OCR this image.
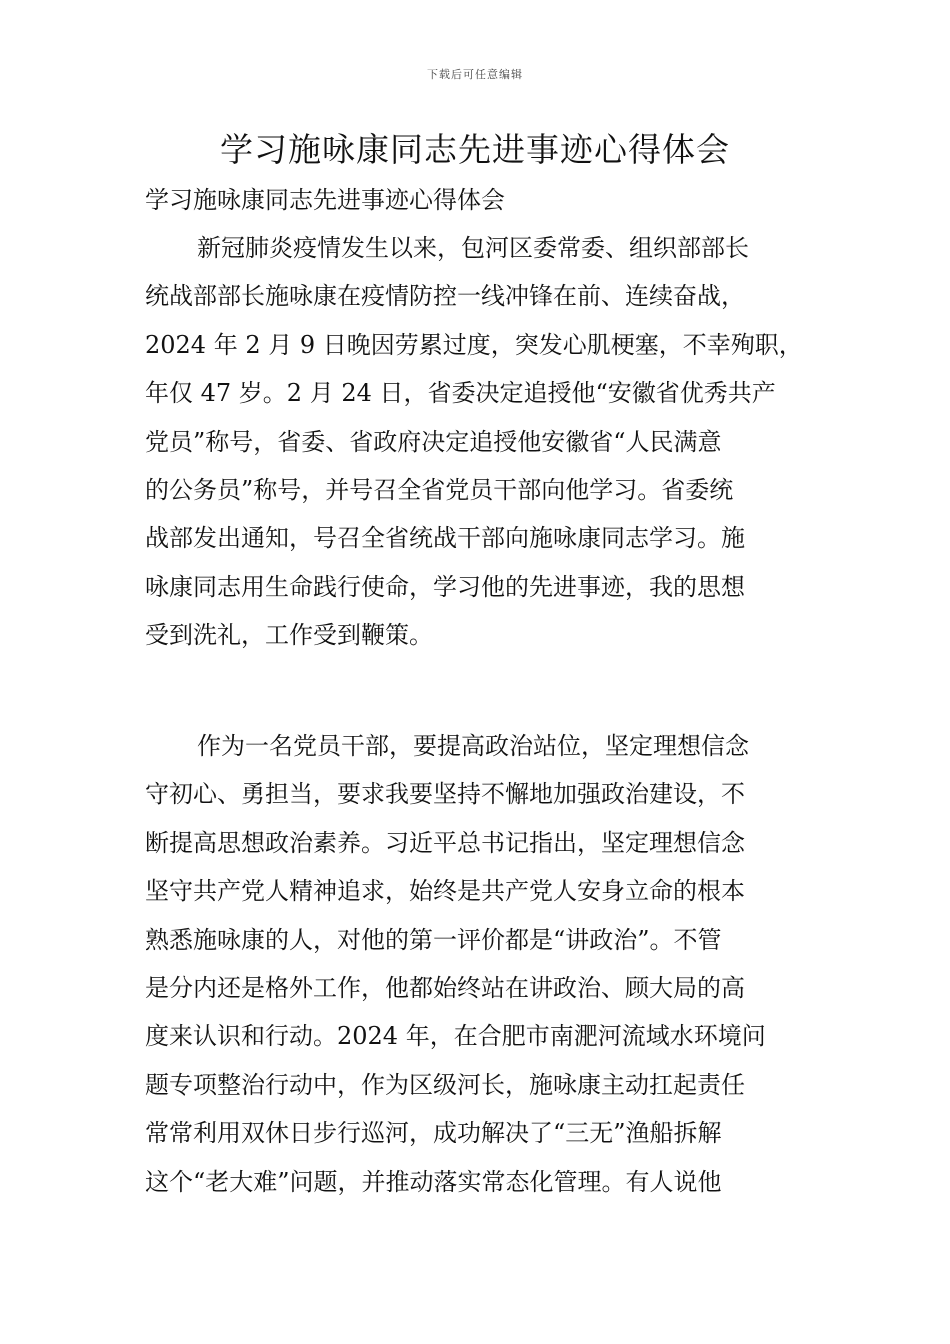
下载后可任意编辑
学习施咏康同志先进事迹心得体会
学习施咏康同志先进事迹心得体会
新冠肺炎疫情发生以来，包河区委常委、组织部部长
统战部部长施咏康在疫情防控一线冲锋在前、连续奋战，
2024 年 2 月 9 日晚因劳累过度，突发心肌梗塞，不幸殉职，
年仅 47 岁。2 月 24 日，省委决定追授他“安徽省优秀共产
党员”称号，省委、省政府决定追授他安徽省“人民满意
的公务员”称号，并号召全省党员干部向他学习。省委统
战部发出通知，号召全省统战干部向施咏康同志学习。施
咏康同志用生命践行使命，学习他的先进事迹，我的思想
受到洗礼，工作受到鞭策。
作为一名党员干部，要提高政治站位，坚定理想信念
守初心、勇担当，要求我要坚持不懈地加强政治建设，不
断提高思想政治素养。习近平总书记指出，坚定理想信念
坚守共产党人精神追求，始终是共产党人安身立命的根本
熟悉施咏康的人，对他的第一评价都是“讲政治”。不管
是分内还是格外工作，他都始终站在讲政治、顾大局的高
度来认识和行动。2024 年，在合肥市南淝河流域水环境问
题专项整治行动中，作为区级河长，施咏康主动扛起责任
常常利用双休日步行巡河，成功解决了“三无”渔船拆解
这个“老大难”问题，并推动落实常态化管理。有人说他
